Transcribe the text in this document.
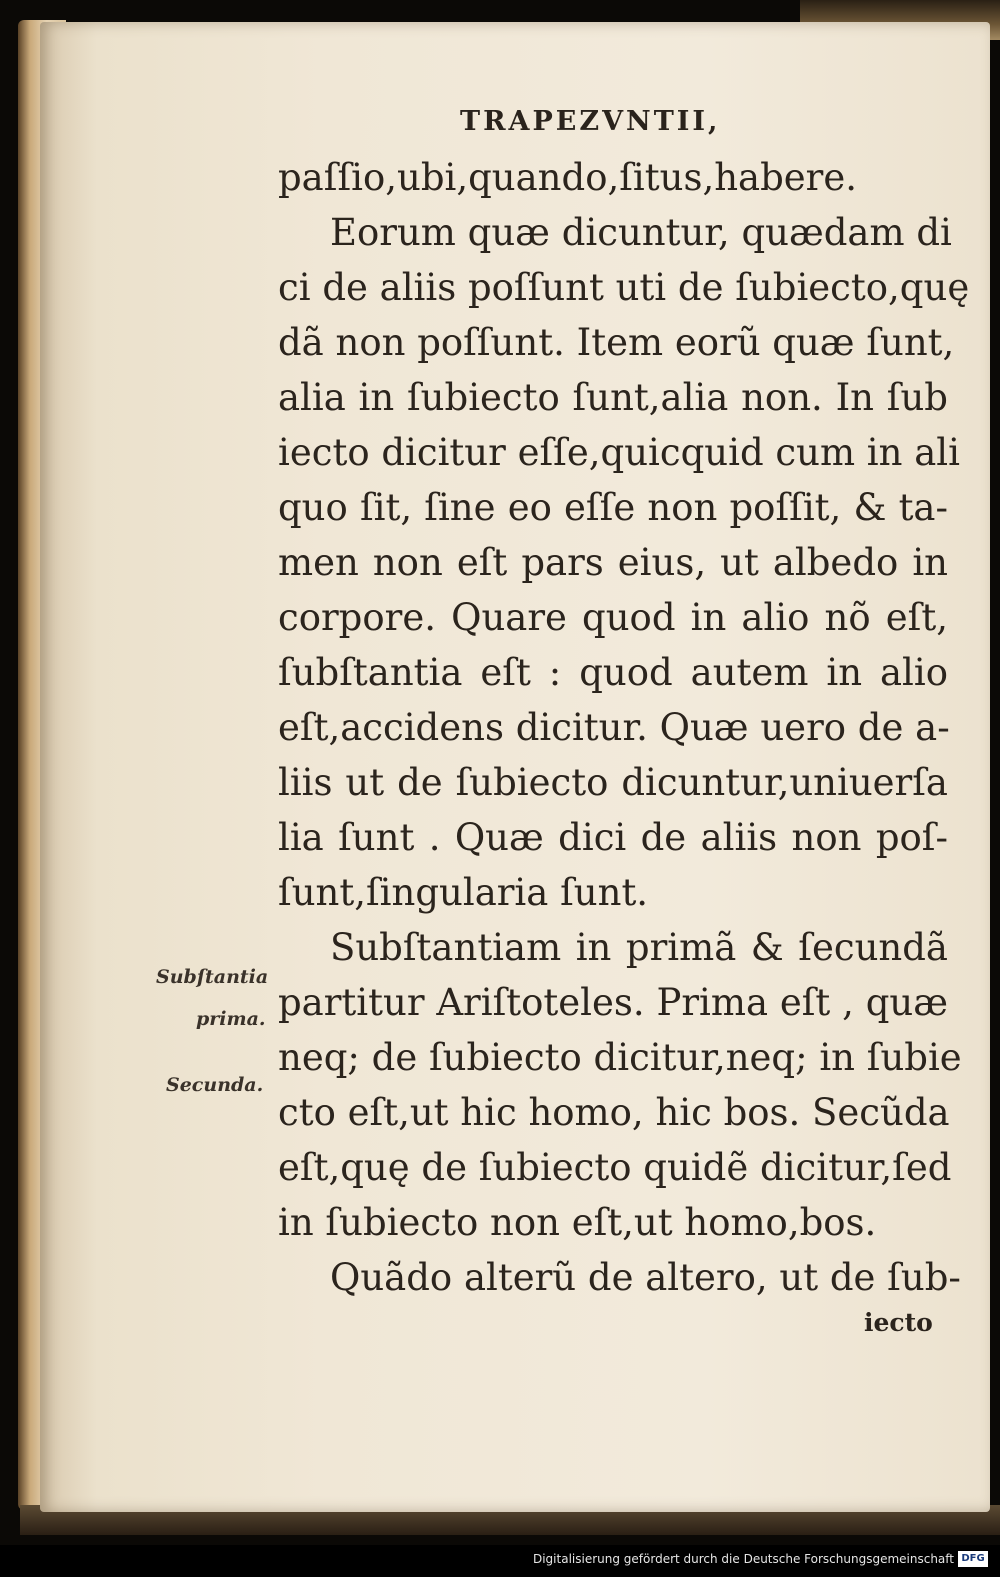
TRAPEZVNTII,
paſſio,ubi,quando,ſitus,habere.
Eorum quæ dicuntur, quædam di
ci de aliis poſſunt uti de ſubiecto,quę
dã non poſſunt. Item eorũ quæ ſunt,
alia in ſubiecto ſunt,alia non. In ſub
iecto dicitur eſſe,quicquid cum in ali
quo ſit, ſine eo eſſe non poſſit, & ta-
men non eſt pars eius, ut albedo in
corpore. Quare quod in alio nõ eſt,
ſubſtantia eſt : quod autem in alio
eſt,accidens dicitur. Quæ uero de a-
liis ut de ſubiecto dicuntur,uniuerſa
lia ſunt . Quæ dici de aliis non poſ-
ſunt,ſingularia ſunt.
Subſtantiam in primã & ſecundã
partitur Ariſtoteles. Prima eſt , quæ
neq; de ſubiecto dicitur,neq; in ſubie
cto eſt,ut hic homo, hic bos. Secũda
eſt,quę de ſubiecto quidẽ dicitur,ſed
in ſubiecto non eſt,ut homo,bos.
Quãdo alterũ de altero, ut de ſub-
iecto
Subſtantia
prima.
Secunda.
Digitalisierung gefördert durch die Deutsche Forschungsgemeinschaft DFG
